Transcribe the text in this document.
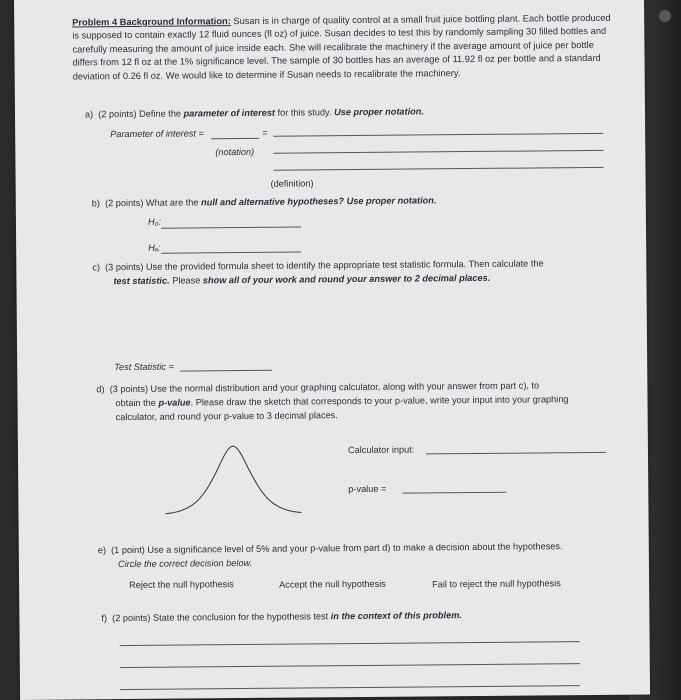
Problem 4 Background Information: Susan is in charge of quality control at a small fruit juice bottling plant. Each bottle produced is supposed to contain exactly 12 fluid ounces (fl oz) of juice. Susan decides to test this by randomly sampling 30 filled bottles and carefully measuring the amount of juice inside each. She will recalibrate the machinery if the average amount of juice per bottle differs from 12 fl oz at the 1% significance level. The sample of 30 bottles has an average of 11.92 fl oz per bottle and a standard deviation of 0.26 fl oz. We would like to determine if Susan needs to recalibrate the machinery.
a) (2 points) Define the parameter of interest for this study. Use proper notation.
Parameter of interest =	=
(notation)
(definition)
b) (2 points) What are the null and alternative hypotheses? Use proper notation.
H₀:
Hₐ:
c) (3 points) Use the provided formula sheet to identify the appropriate test statistic formula. Then calculate the
test statistic. Please show all of your work and round your answer to 2 decimal places.
Test Statistic =
d) (3 points) Use the normal distribution and your graphing calculator, along with your answer from part c), to
obtain the p-value. Please draw the sketch that corresponds to your p-value, write your input into your graphing
calculator, and round your p-value to 3 decimal places.
Calculator input:
p-value =
e) (1 point) Use a significance level of 5% and your p-value from part d) to make a decision about the hypotheses.
Circle the correct decision below.
Reject the null hypothesis	Accept the null hypothesis	Fail to reject the null hypothesis
f) (2 points) State the conclusion for the hypothesis test in the context of this problem.
